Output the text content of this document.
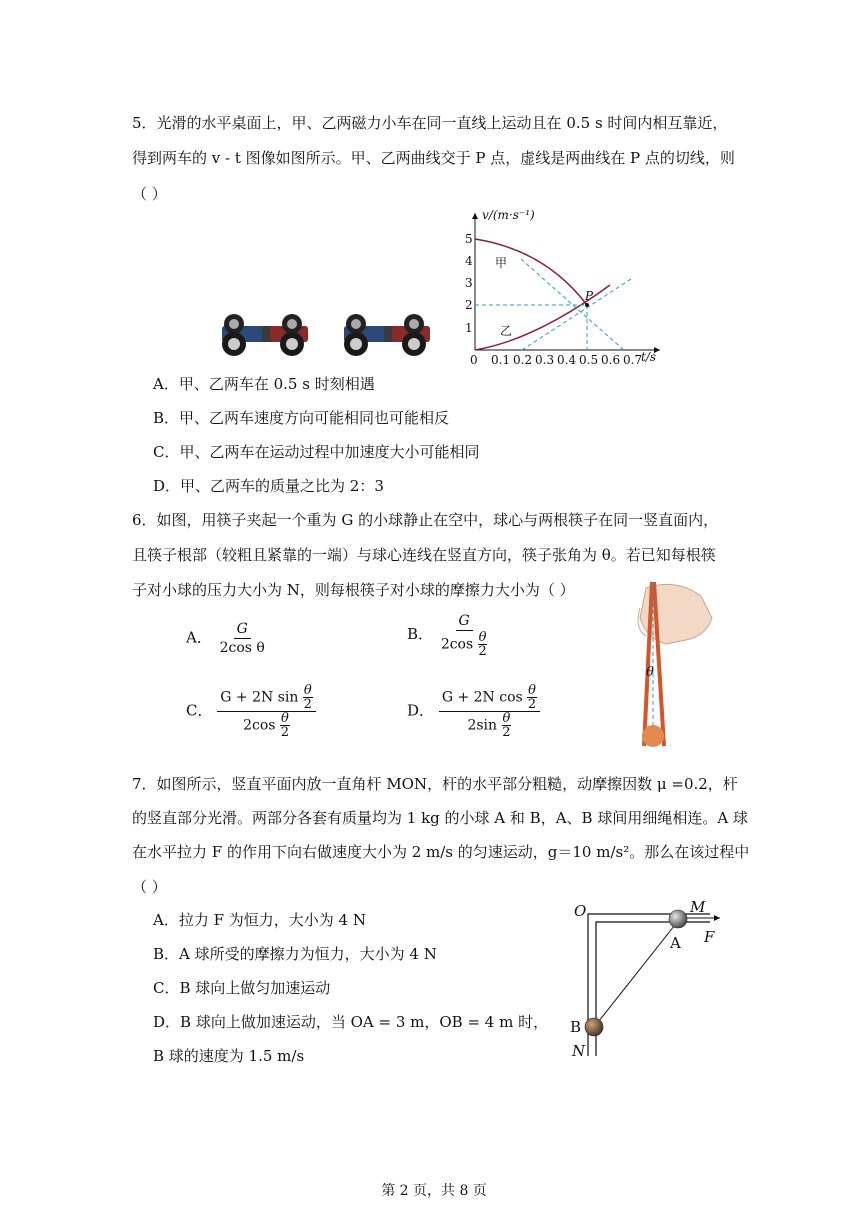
5．光滑的水平桌面上，甲、乙两磁力小车在同一直线上运动且在 0.5 s 时间内相互靠近，
得到两车的 v - t 图像如图所示。甲、乙两曲线交于 P 点，虚线是两曲线在 P 点的切线，则
（ ）
v/(m·s⁻¹)
t/s
0 0.1 0.2 0.3 0.4 0.5 0.6 0.7
1
2
3
4
5
甲
乙
P
A．甲、乙两车在 0.5 s 时刻相遇
B．甲、乙两车速度方向可能相同也可能相反
C．甲、乙两车在运动过程中加速度大小可能相同
D．甲、乙两车的质量之比为 2：3
6．如图，用筷子夹起一个重为 G 的小球静止在空中，球心与两根筷子在同一竖直面内，
且筷子根部（较粗且紧靠的一端）与球心连线在竖直方向，筷子张角为 θ。若已知每根筷
子对小球的压力大小为 N，则每根筷子对小球的摩擦力大小为（ ）
A． $\frac{G}{\text{2cos θ}}$	B． $\frac{G}{2\cos \frac{\theta}{2}}$
C． $\frac{G + 2N \sin \frac{\theta}{2}}{2\cos \frac{\theta}{2}}$	D． $\frac{G + 2N \cos \frac{\theta}{2}}{2\sin \frac{\theta}{2}}$
θ
7．如图所示，竖直平面内放一直角杆 MON，杆的水平部分粗糙，动摩擦因数 μ =0.2，杆
的竖直部分光滑。两部分各套有质量均为 1 kg 的小球 A 和 B，A、B 球间用细绳相连。A 球
在水平拉力 F 的作用下向右做速度大小为 2 m/s 的匀速运动，g＝10 m/s²。那么在该过程中
（ ）
A．拉力 F 为恒力，大小为 4 N
B．A 球所受的摩擦力为恒力，大小为 4 N
C．B 球向上做匀加速运动
D．B 球向上做加速运动，当 OA = 3 m，OB = 4 m 时，
B 球的速度为 1.5 m/s
O	M
A F
B
N
第 2 页，共 8 页
